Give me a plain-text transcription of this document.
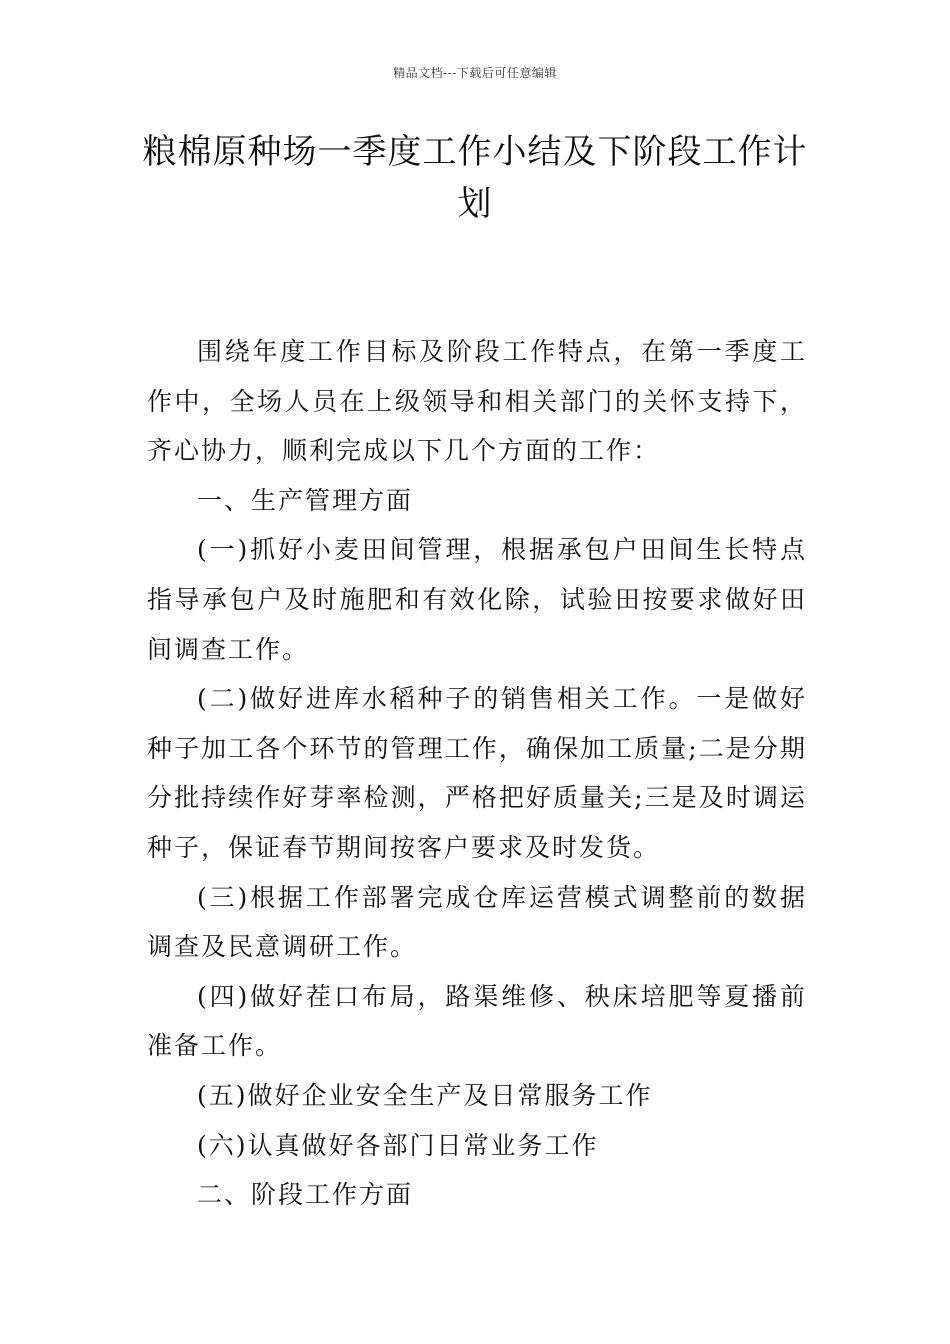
精品文档---下载后可任意编辑
粮棉原种场一季度工作小结及下阶段工作计划

围绕年度工作目标及阶段工作特点，在第一季度工作中，全场人员在上级领导和相关部门的关怀支持下，齐心协力，顺利完成以下几个方面的工作：

一、生产管理方面

(一)抓好小麦田间管理，根据承包户田间生长特点指导承包户及时施肥和有效化除，试验田按要求做好田间调查工作。

(二)做好进库水稻种子的销售相关工作。一是做好种子加工各个环节的管理工作，确保加工质量;二是分期分批持续作好芽率检测，严格把好质量关;三是及时调运种子，保证春节期间按客户要求及时发货。

(三)根据工作部署完成仓库运营模式调整前的数据调查及民意调研工作。

(四)做好茬口布局，路渠维修、秧床培肥等夏播前准备工作。

(五)做好企业安全生产及日常服务工作

(六)认真做好各部门日常业务工作

二、阶段工作方面
